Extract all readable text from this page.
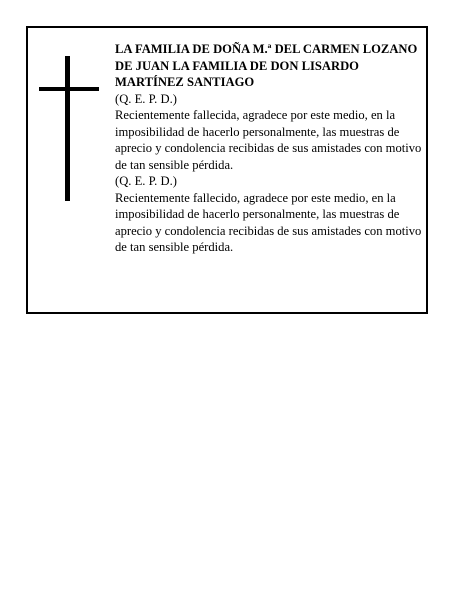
LA FAMILIA DE DOÑA M.ª DEL CARMEN LOZANO DE JUAN LA FAMILIA DE DON LISARDO MARTÍNEZ SANTIAGO

(Q. E. P. D.)

Recientemente fallecida, agradece por este medio, en la imposibilidad de hacerlo personalmente, las muestras de aprecio y condolencia recibidas de sus amistades con motivo de tan sensible pérdida.

(Q. E. P. D.)

Recientemente fallecido, agradece por este medio, en la imposibilidad de hacerlo personalmente, las muestras de aprecio y condolencia recibidas de sus amistades con motivo de tan sensible pérdida.
